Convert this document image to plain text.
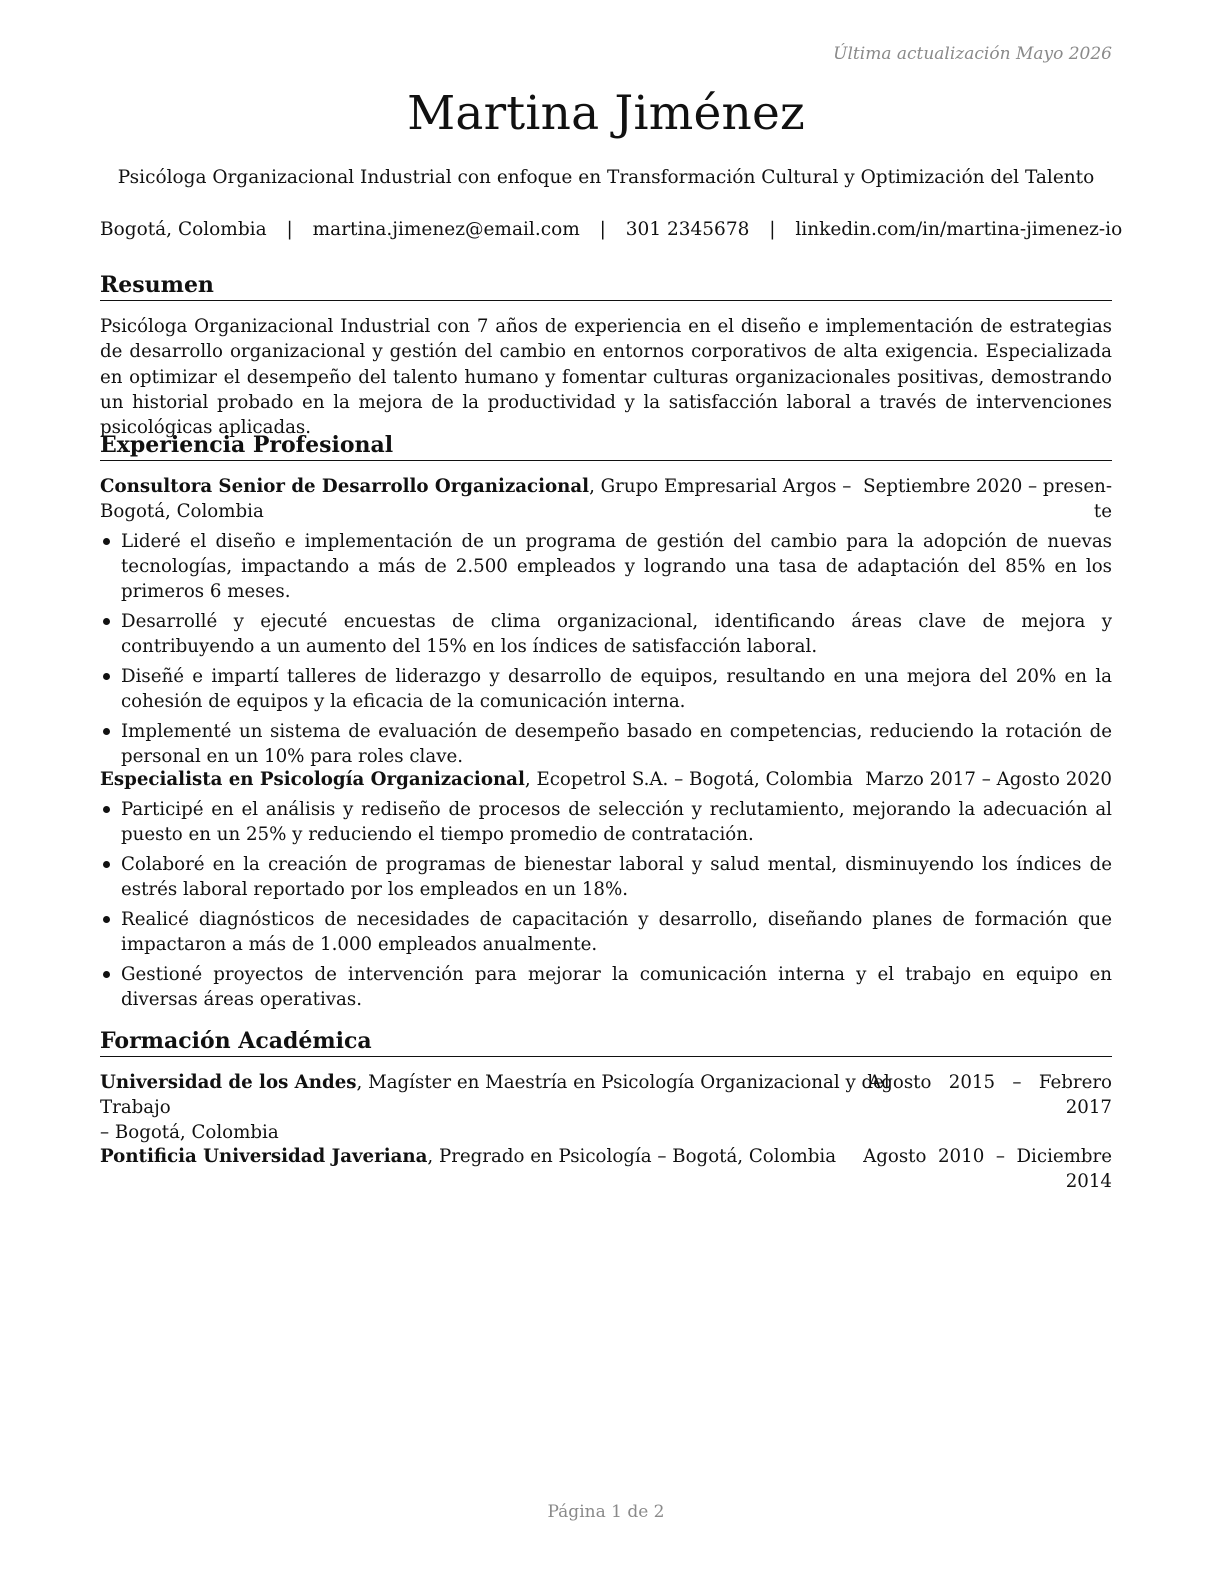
Última actualización Mayo 2026
Martina Jiménez
Psicóloga Organizacional Industrial con enfoque en Transformación Cultural y Optimización del Talento
Bogotá, Colombia | martina.jimenez@email.com | 301 2345678 | linkedin.com/in/martina-jimenez-io
Resumen
Psicóloga Organizacional Industrial con 7 años de experiencia en el diseño e implementación de estrategias de desarrollo organizacional y gestión del cambio en entornos corporativos de alta exigencia. Especializada en optimizar el desempeño del talento humano y fomentar culturas organizacionales positivas, demostrando un historial probado en la mejora de la productividad y la satisfacción laboral a través de intervenciones psicológicas aplicadas.
Experiencia Profesional
Consultora Senior de Desarrollo Organizacional, Grupo Empresarial Argos – Bogotá, Colombia
Septiembre 2020 – presen-
te
Lideré el diseño e implementación de un programa de gestión del cambio para la adopción de nuevas tecnologías, impactando a más de 2.500 empleados y logrando una tasa de adaptación del 85% en los primeros 6 meses.
Desarrollé y ejecuté encuestas de clima organizacional, identificando áreas clave de mejora y contribuyendo a un aumento del 15% en los índices de satisfacción laboral.
Diseñé e impartí talleres de liderazgo y desarrollo de equipos, resultando en una mejora del 20% en la cohesión de equipos y la eficacia de la comunicación interna.
Implementé un sistema de evaluación de desempeño basado en competencias, reduciendo la rotación de personal en un 10% para roles clave.
Especialista en Psicología Organizacional, Ecopetrol S.A. – Bogotá, Colombia Marzo 2017 – Agosto 2020
Participé en el análisis y rediseño de procesos de selección y reclutamiento, mejorando la adecuación al puesto en un 25% y reduciendo el tiempo promedio de contratación.
Colaboré en la creación de programas de bienestar laboral y salud mental, disminuyendo los índices de estrés laboral reportado por los empleados en un 18%.
Realicé diagnósticos de necesidades de capacitación y desarrollo, diseñando planes de formación que impactaron a más de 1.000 empleados anualmente.
Gestioné proyectos de intervención para mejorar la comunicación interna y el trabajo en equipo en diversas áreas operativas.
Formación Académica
Universidad de los Andes, Magíster en Maestría en Psicología Organizacional y del Trabajo
– Bogotá, Colombia
Agosto   2015   –   Febrero
2017
Pontificia Universidad Javeriana, Pregrado en Psicología – Bogotá, Colombia Agosto  2010  –  Diciembre
2014
Página 1 de 2
